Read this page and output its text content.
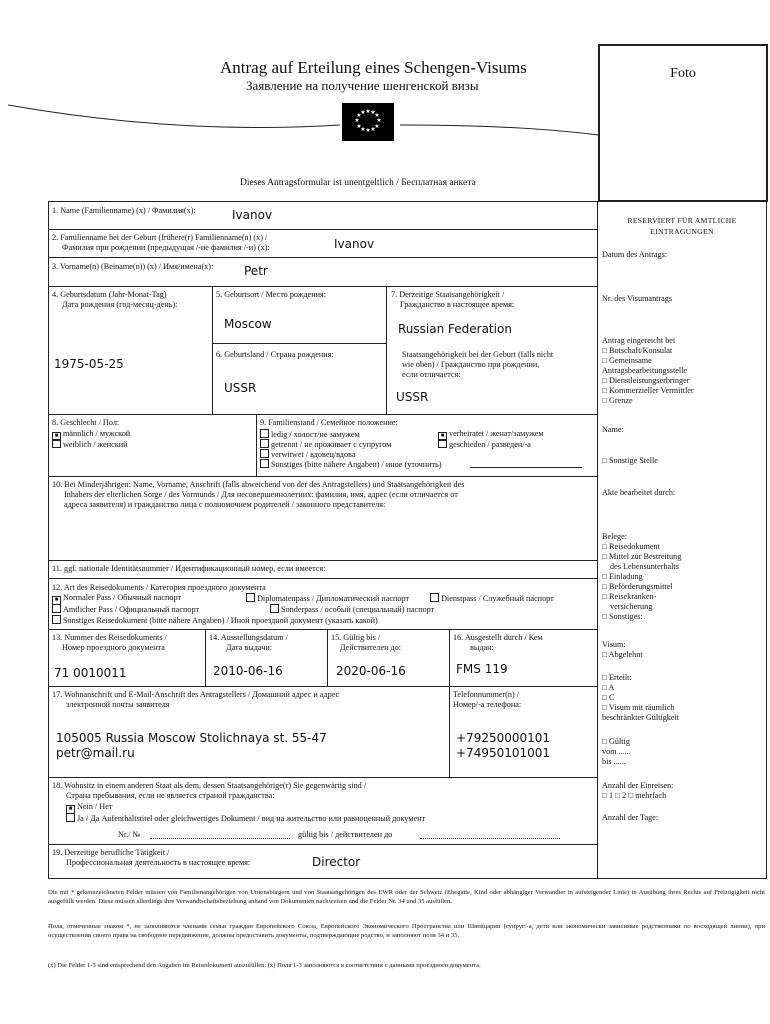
Antrag auf Erteilung eines Schengen-Visums
Заявление на получение шенгенской визы
★ ★
★
★
★
★
★
★
★
★
★
★
Dieses Antragsformular ist unentgeltlich / Бесплатная анкета
Foto
1. Name (Familienname) (x) / Фамилия(x):	Ivanov
2. Familienname bei der Geburt (frühere(r) Familienname(n) (x) /
Фамилия при рождении (предыдущая /-ие фамилия /-и) (x):	Ivanov
3. Vorname(n) (Beiname(n)) (x) / Имя/имена(x):	Petr
4. Geburtsdatum (Jahr-Monat-Tag)
Дата рождения (год-месяц-день):
1975-05-25
5. Geburtsort / Место рождения:
Moscow
6. Geburtsland / Страна рождения:
USSR
7. Derzeitige Staatsangehörigkeit /
Гражданство в настоящее время:
Russian Federation
Staatsangehörigkeit bei der Geburt (falls nicht
wie oben) / Гражданство при рождении,
если отличается:
USSR
8. Geschlecht / Пол:
■ männlich / мужской
weiblich / женский
9. Familienstand / Семейное положение:
ledig / холост/не замужем	■ verheiratet / женат/замужем
getrennt / не проживает с супругом	geschieden / разведен/-а
verwitwet / вдовец/вдова
Sonstiges (bitte nähere Angaben) / иное (уточнить)
10. Bei Minderjährigen: Name, Vorname, Anschrift (falls abweichend von der des Antragstellers) und Staatsangehörigkeit des
Inhabers der elterlichen Sorge / des Vormunds / Для несовершеннолетних: фамилия, имя, адрес (если отличается от
адреса заявителя) и гражданство лица с полномочием родителей / законного представителя:
11. ggf. nationale Identitätsnummer / Идентификационный номер, если имеется:
12. Art des Reisedokuments / Категория проездного документа
■ Normaler Pass / Обычный паспорт	Diplomatenpass / Дипломатический паспорт	Dienstpass / Служебный паспорт
Amtlicher Pass / Официальный паспорт	Sonderpass / особый (специальный) паспорт
Sonstiges Reisedokument (bitte nähere Angaben) / Иной проездной документ (указать какой)
13. Nummer des Reisedokuments /
Номер проездного документа
71 0010011
14. Ausstellungsdatum /
Дата выдачи:
2010-06-16
15. Gültig bis /
Действителен до:
2020-06-16
16. Ausgestellt durch / Кем
выдан:
FMS 119
17. Wohnanschrift und E-Mail-Anschrift des Antragstellers / Домашний адрес и адрес
электронной почты заявителя
105005 Russia Moscow Stolichnaya st. 55-47
petr@mail.ru
Telefonnummer(n) /
Номер/-а телефона:
+79250000101
+74950101001
18. Wohnsitz in einem anderen Staat als dem, dessen Staatsangehörige(r) Sie gegenwärtig sind /
Страна пребывания, если не является страной гражданства:
■ Nein / Нет
Ja / Да Aufenthaltstitel oder gleichwertiges Dokument / вид на жительство или равноценный документ
Nr./ №	gültig bis / действителен до
19. Derzeitige berufliche Tätigkeit /
Профессиональная деятельность в настоящее время:	Director
RESERVIERT FÜR AMTLICHE EINTRAGUNGEN
Datum des Antrags:
Nr. des Visumantrags
Antrag eingereicht bei
□ Botschaft/Konsulat
□ Gemeinsame
Antragsbearbeitungsstelle
□ Dienstleistungserbringer
□ Kommerzieller Vermittler
□ Grenze
Name:
□ Sonstige Stelle
Akte bearbeitet durch:
Belege:
□ Reisedokument
□ Mittel zur Bestreitung
des Lebensunterhalts
□ Einladung
□ Beförderungsmittel
□ Reisekranken-
versicherung
□ Sonstiges:
Visum:
□ Abgelehnt
□ Erteilt:
□ A
□ C
□ Visum mit räumlich
beschränkter Gültigkeit
□ Gültig
vom ......
bis ......
Anzahl der Einreisen:
□ 1 □ 2 □ mehrfach
Anzahl der Tage:
Die mit * gekennzeichneten Felder müssen von Familienangehörigen von Unionsbürgern und von Staatsangehörigen des EWR oder der Schweiz (Ehegatte, Kind oder abhängiger Verwandter in aufsteigender Linie) in Ausübung ihres Rechts auf Freizügigkeit nicht ausgefüllt werden. Diese müssen allerdings ihre Verwandtschaftsbeziehung anhand von Dokumenten nachweisen und die Felder Nr. 34 und 35 ausfüllen.
Поля, отмеченные знаком *, не заполняются членами семьи граждан Европейского Союза, Европейского Экономического Пространства или Швейцарии (супруг/-а, дети или экономически зависимые родственники по восходящей линии), при осуществлении своего права на свободное передвижение, должны предоставить документы, подтверждающие родство, и заполняют поля 34 и 35.
(x) Die Felder 1-3 sind entsprechend den Angaben im Reisedokument auszufüllen. (x) Поля 1-3 заполняются в соответствии с данными проездного документа.
